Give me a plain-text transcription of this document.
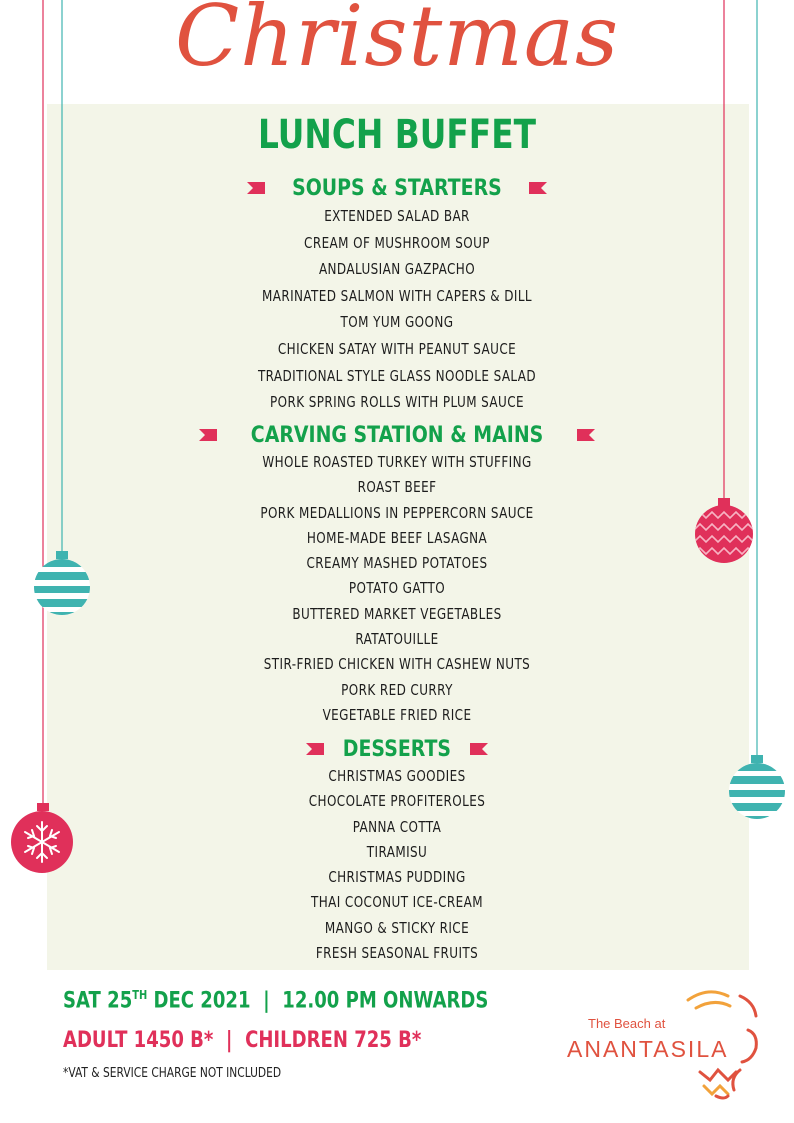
Christmas
LUNCH BUFFET
SOUPS & STARTERS
EXTENDED SALAD BAR
CREAM OF MUSHROOM SOUP
ANDALUSIAN GAZPACHO
MARINATED SALMON WITH CAPERS & DILL
TOM YUM GOONG
CHICKEN SATAY WITH PEANUT SAUCE
TRADITIONAL STYLE GLASS NOODLE SALAD
PORK SPRING ROLLS WITH PLUM SAUCE
CARVING STATION & MAINS
WHOLE ROASTED TURKEY WITH STUFFING
ROAST BEEF
PORK MEDALLIONS IN PEPPERCORN SAUCE
HOME-MADE BEEF LASAGNA
CREAMY MASHED POTATOES
POTATO GATTO
BUTTERED MARKET VEGETABLES
RATATOUILLE
STIR-FRIED CHICKEN WITH CASHEW NUTS
PORK RED CURRY
VEGETABLE FRIED RICE
DESSERTS
CHRISTMAS GOODIES
CHOCOLATE PROFITEROLES
PANNA COTTA
TIRAMISU
CHRISTMAS PUDDING
THAI COCONUT ICE-CREAM
MANGO & STICKY RICE
FRESH SEASONAL FRUITS
SAT 25TH DEC 2021 | 12.00 PM ONWARDS
ADULT 1450 B* | CHILDREN 725 B*
*VAT & SERVICE CHARGE NOT INCLUDED
The Beach at
ANANTASILA
